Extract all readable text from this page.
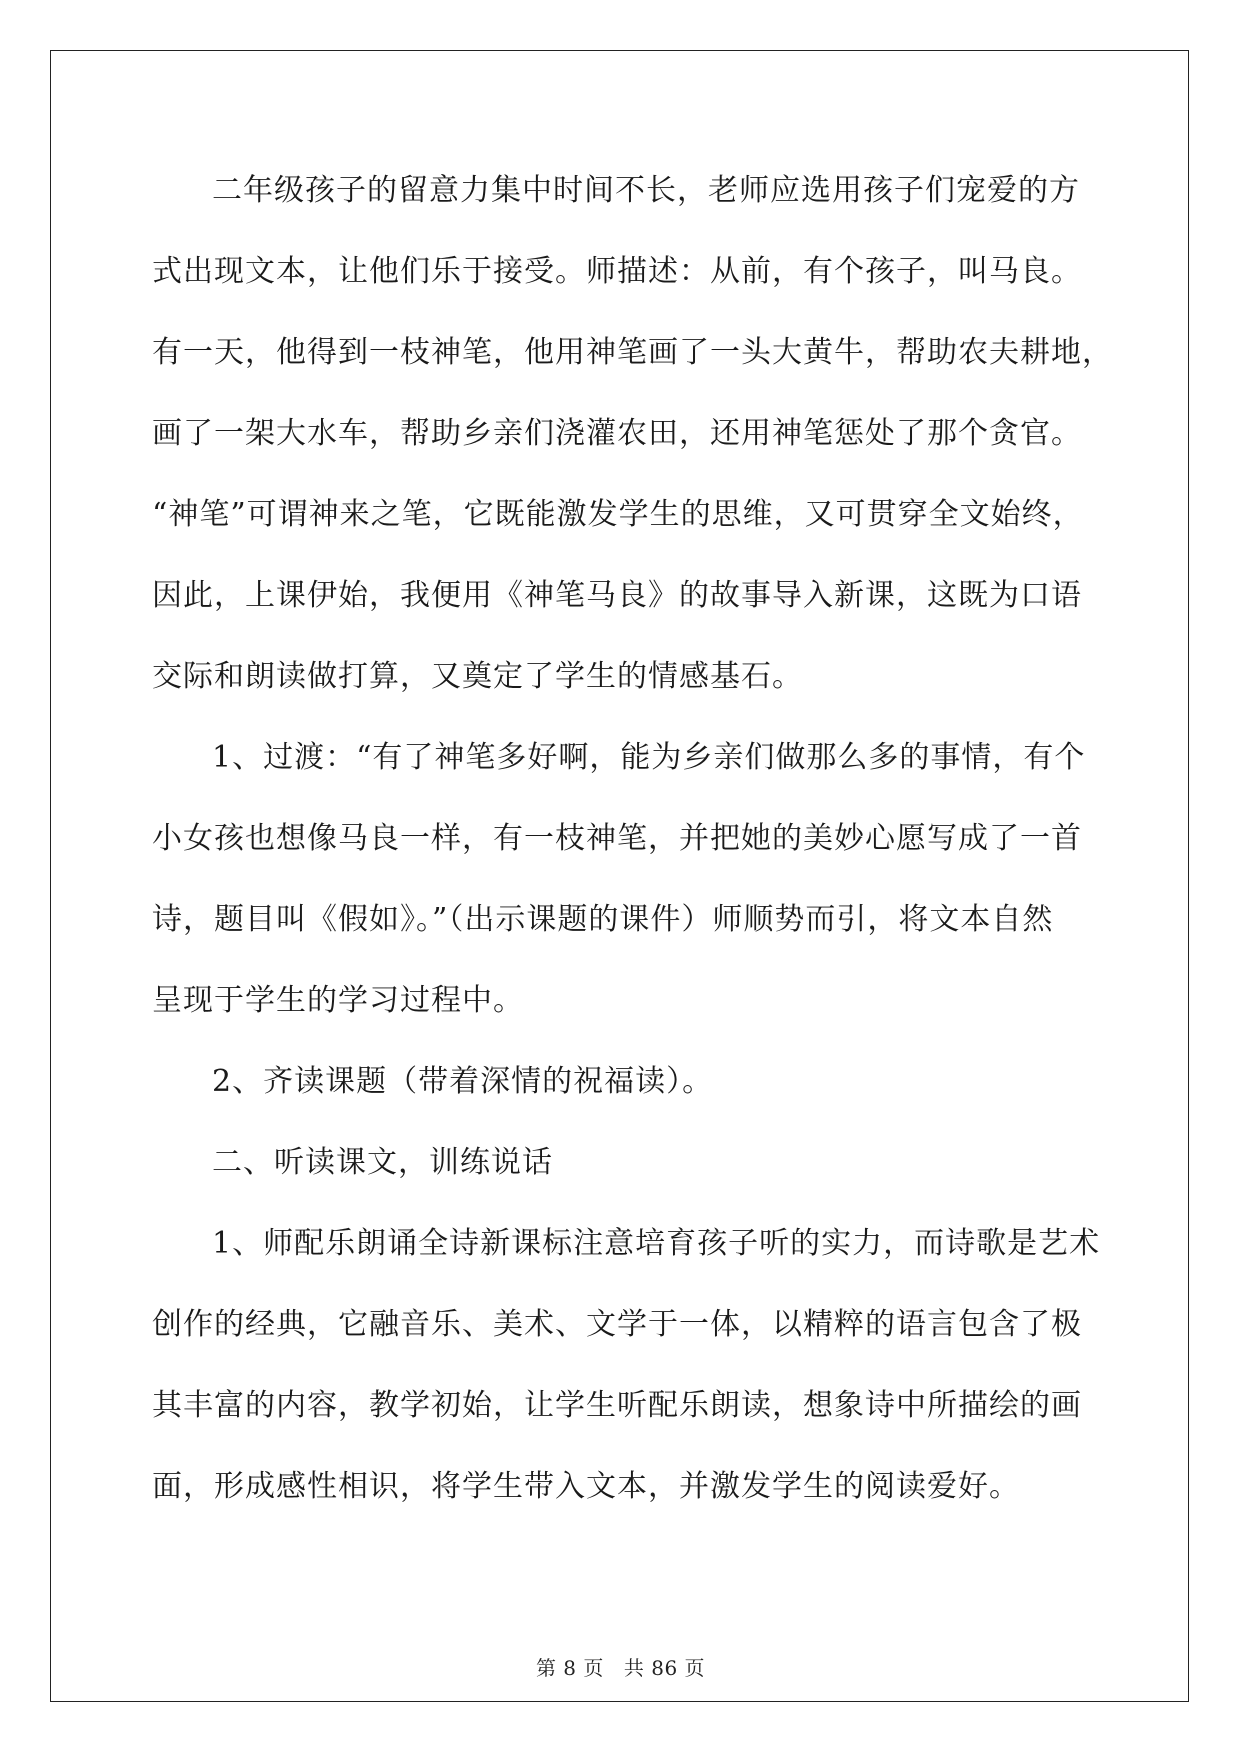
二年级孩子的留意力集中时间不长，老师应选用孩子们宠爱的方
式出现文本，让他们乐于接受。师描述：从前，有个孩子，叫马良。
有一天，他得到一枝神笔，他用神笔画了一头大黄牛，帮助农夫耕地，
画了一架大水车，帮助乡亲们浇灌农田，还用神笔惩处了那个贪官。
“神笔”可谓神来之笔，它既能激发学生的思维，又可贯穿全文始终，
因此，上课伊始，我便用《神笔马良》的故事导入新课，这既为口语
交际和朗读做打算，又奠定了学生的情感基石。
1、过渡：“有了神笔多好啊，能为乡亲们做那么多的事情，有个
小女孩也想像马良一样，有一枝神笔，并把她的美妙心愿写成了一首
诗，题目叫《假如》。”（出示课题的课件）师顺势而引，将文本自然
呈现于学生的学习过程中。
2、齐读课题（带着深情的祝福读）。
二、听读课文，训练说话
1、师配乐朗诵全诗新课标注意培育孩子听的实力，而诗歌是艺术
创作的经典，它融音乐、美术、文学于一体，以精粹的语言包含了极
其丰富的内容，教学初始，让学生听配乐朗读，想象诗中所描绘的画
面，形成感性相识，将学生带入文本，并激发学生的阅读爱好。
第 8 页 共 86 页
